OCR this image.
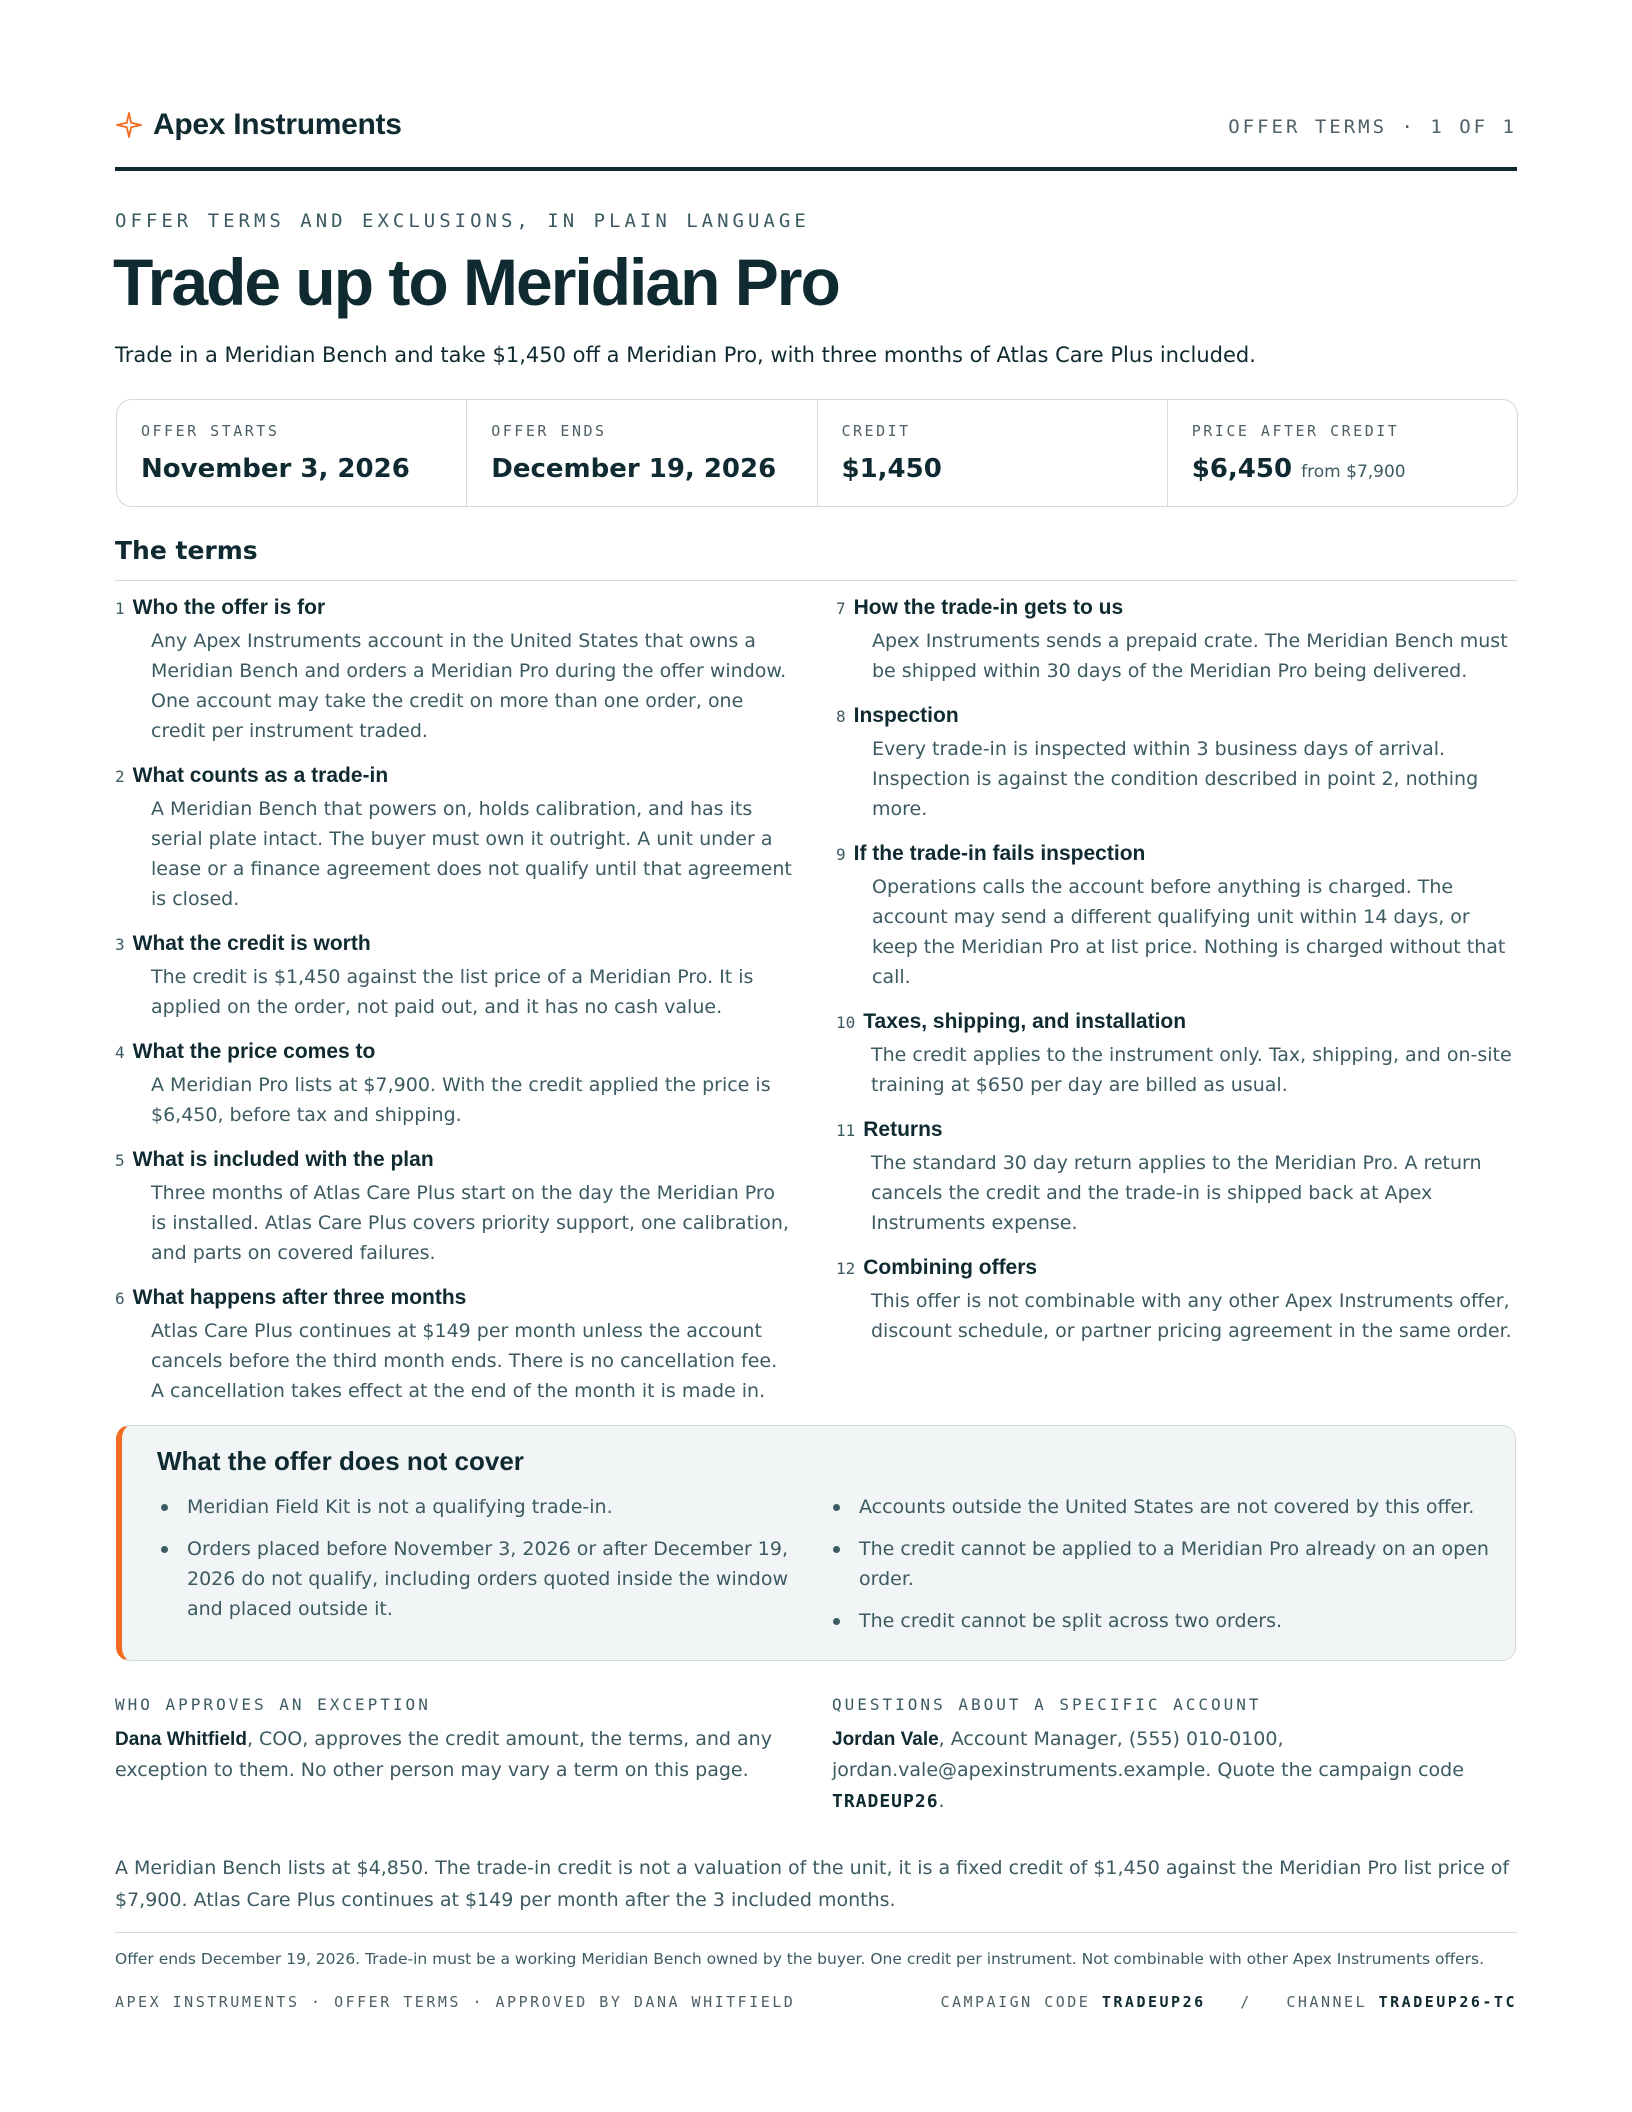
Apex Instruments	OFFER TERMS · 1 OF 1
OFFER TERMS AND EXCLUSIONS, IN PLAIN LANGUAGE
Trade up to Meridian Pro
Trade in a Meridian Bench and take $1,450 off a Meridian Pro, with three months of Atlas Care Plus included.
OFFER STARTS
November 3, 2026
OFFER ENDS
December 19, 2026
CREDIT
$1,450
PRICE AFTER CREDIT
$6,450 from $7,900
The terms
1 Who the offer is for
Any Apex Instruments account in the United States that owns a Meridian Bench and orders a Meridian Pro during the offer window. One account may take the credit on more than one order, one credit per instrument traded.
2 What counts as a trade-in
A Meridian Bench that powers on, holds calibration, and has its serial plate intact. The buyer must own it outright. A unit under a lease or a finance agreement does not qualify until that agreement is closed.
3 What the credit is worth
The credit is $1,450 against the list price of a Meridian Pro. It is applied on the order, not paid out, and it has no cash value.
4 What the price comes to
A Meridian Pro lists at $7,900. With the credit applied the price is $6,450, before tax and shipping.
5 What is included with the plan
Three months of Atlas Care Plus start on the day the Meridian Pro is installed. Atlas Care Plus covers priority support, one calibration, and parts on covered failures.
6 What happens after three months
Atlas Care Plus continues at $149 per month unless the account cancels before the third month ends. There is no cancellation fee. A cancellation takes effect at the end of the month it is made in.
7 How the trade-in gets to us
Apex Instruments sends a prepaid crate. The Meridian Bench must be shipped within 30 days of the Meridian Pro being delivered.
8 Inspection
Every trade-in is inspected within 3 business days of arrival. Inspection is against the condition described in point 2, nothing more.
9 If the trade-in fails inspection
Operations calls the account before anything is charged. The account may send a different qualifying unit within 14 days, or keep the Meridian Pro at list price. Nothing is charged without that call.
10 Taxes, shipping, and installation
The credit applies to the instrument only. Tax, shipping, and on-site training at $650 per day are billed as usual.
11 Returns
The standard 30 day return applies to the Meridian Pro. A return cancels the credit and the trade-in is shipped back at Apex Instruments expense.
12 Combining offers
This offer is not combinable with any other Apex Instruments offer, discount schedule, or partner pricing agreement in the same order.
What the offer does not cover
Meridian Field Kit is not a qualifying trade-in.
Orders placed before November 3, 2026 or after December 19, 2026 do not qualify, including orders quoted inside the window and placed outside it.
Accounts outside the United States are not covered by this offer.
The credit cannot be applied to a Meridian Pro already on an open order.
The credit cannot be split across two orders.
WHO APPROVES AN EXCEPTION
Dana Whitfield, COO, approves the credit amount, the terms, and any exception to them. No other person may vary a term on this page.
QUESTIONS ABOUT A SPECIFIC ACCOUNT
Jordan Vale, Account Manager, (555) 010-0100, jordan.vale@apexinstruments.example. Quote the campaign code TRADEUP26.
A Meridian Bench lists at $4,850. The trade-in credit is not a valuation of the unit, it is a fixed credit of $1,450 against the Meridian Pro list price of $7,900. Atlas Care Plus continues at $149 per month after the 3 included months.
Offer ends December 19, 2026. Trade-in must be a working Meridian Bench owned by the buyer. One credit per instrument. Not combinable with other Apex Instruments offers.
APEX INSTRUMENTS · OFFER TERMS · APPROVED BY DANA WHITFIELD	CAMPAIGN CODE TRADEUP26 / CHANNEL TRADEUP26-TC
